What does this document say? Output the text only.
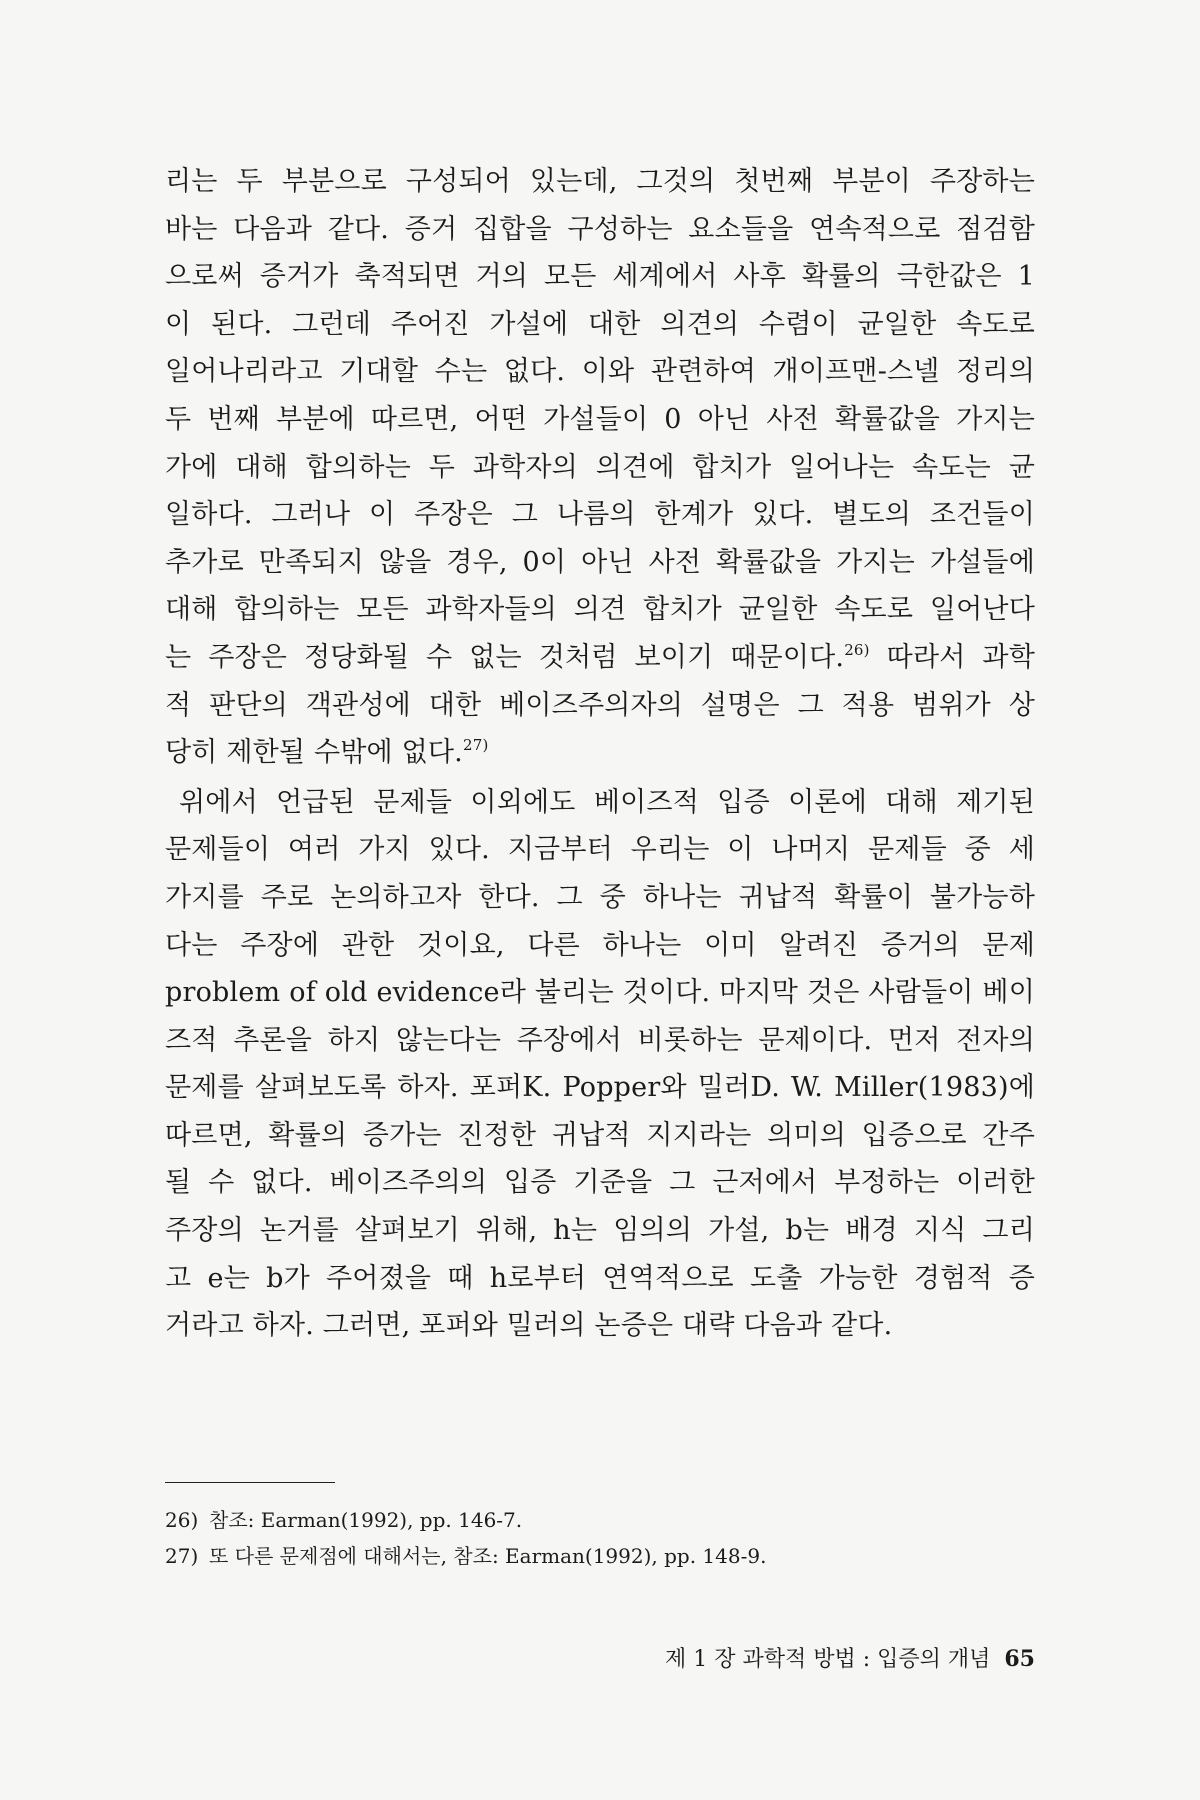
리는 두 부분으로 구성되어 있는데, 그것의 첫번째 부분이 주장하는

바는 다음과 같다. 증거 집합을 구성하는 요소들을 연속적으로 점검함

으로써 증거가 축적되면 거의 모든 세계에서 사후 확률의 극한값은 1

이 된다. 그런데 주어진 가설에 대한 의견의 수렴이 균일한 속도로

일어나리라고 기대할 수는 없다. 이와 관련하여 개이프맨-스넬 정리의

두 번째 부분에 따르면, 어떤 가설들이 0 아닌 사전 확률값을 가지는

가에 대해 합의하는 두 과학자의 의견에 합치가 일어나는 속도는 균

일하다. 그러나 이 주장은 그 나름의 한계가 있다. 별도의 조건들이

추가로 만족되지 않을 경우, 0이 아닌 사전 확률값을 가지는 가설들에

대해 합의하는 모든 과학자들의 의견 합치가 균일한 속도로 일어난다

는 주장은 정당화될 수 없는 것처럼 보이기 때문이다.$^{26)}$ 따라서 과학

적 판단의 객관성에 대한 베이즈주의자의 설명은 그 적용 범위가 상

당히 제한될 수밖에 없다.$^{27)}$

위에서 언급된 문제들 이외에도 베이즈적 입증 이론에 대해 제기된

문제들이 여러 가지 있다. 지금부터 우리는 이 나머지 문제들 중 세

가지를 주로 논의하고자 한다. 그 중 하나는 귀납적 확률이 불가능하

다는 주장에 관한 것이요, 다른 하나는 이미 알려진 증거의 문제

problem of old evidence라 불리는 것이다. 마지막 것은 사람들이 베이

즈적 추론을 하지 않는다는 주장에서 비롯하는 문제이다. 먼저 전자의

문제를 살펴보도록 하자. 포퍼K. Popper와 밀러D. W. Miller(1983)에

따르면, 확률의 증가는 진정한 귀납적 지지라는 의미의 입증으로 간주

될 수 없다. 베이즈주의의 입증 기준을 그 근저에서 부정하는 이러한

주장의 논거를 살펴보기 위해, h는 임의의 가설, b는 배경 지식 그리

고 e는 b가 주어졌을 때 h로부터 연역적으로 도출 가능한 경험적 증

거라고 하자. 그러면, 포퍼와 밀러의 논증은 대략 다음과 같다.

26) 참조: Earman(1992), pp. 146-7.

27) 또 다른 문제점에 대해서는, 참조: Earman(1992), pp. 148-9.

제 1 장 과학적 방법 : 입증의 개념 65
